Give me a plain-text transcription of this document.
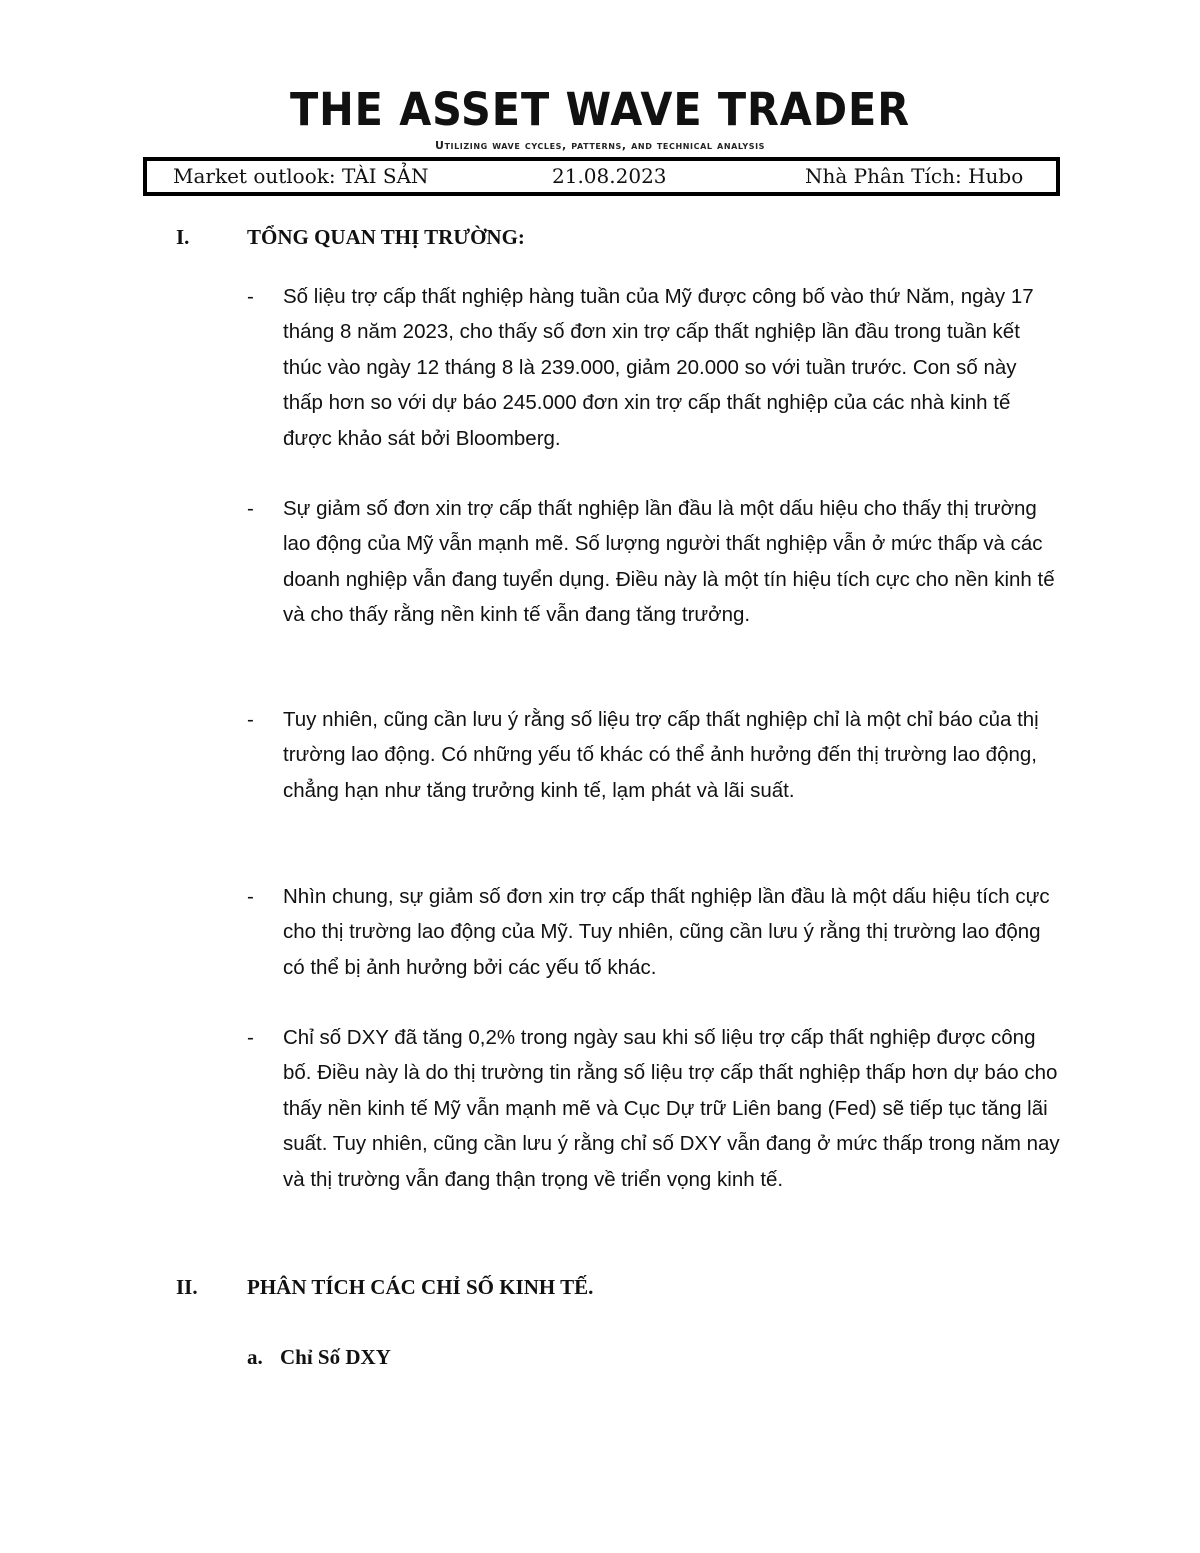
THE ASSET WAVE TRADER
Utilizing wave cycles, patterns, and technical analysis
Market outlook: TÀI SẢN	21.08.2023	Nhà Phân Tích: Hubo
I.	TỔNG QUAN THỊ TRƯỜNG:
- Số liệu trợ cấp thất nghiệp hàng tuần của Mỹ được công bố vào thứ Năm, ngày 17 tháng 8 năm 2023, cho thấy số đơn xin trợ cấp thất nghiệp lần đầu trong tuần kết thúc vào ngày 12 tháng 8 là 239.000, giảm 20.000 so với tuần trước. Con số này thấp hơn so với dự báo 245.000 đơn xin trợ cấp thất nghiệp của các nhà kinh tế được khảo sát bởi Bloomberg.
- Sự giảm số đơn xin trợ cấp thất nghiệp lần đầu là một dấu hiệu cho thấy thị trường lao động của Mỹ vẫn mạnh mẽ. Số lượng người thất nghiệp vẫn ở mức thấp và các doanh nghiệp vẫn đang tuyển dụng. Điều này là một tín hiệu tích cực cho nền kinh tế và cho thấy rằng nền kinh tế vẫn đang tăng trưởng.
- Tuy nhiên, cũng cần lưu ý rằng số liệu trợ cấp thất nghiệp chỉ là một chỉ báo của thị trường lao động. Có những yếu tố khác có thể ảnh hưởng đến thị trường lao động, chẳng hạn như tăng trưởng kinh tế, lạm phát và lãi suất.
- Nhìn chung, sự giảm số đơn xin trợ cấp thất nghiệp lần đầu là một dấu hiệu tích cực cho thị trường lao động của Mỹ. Tuy nhiên, cũng cần lưu ý rằng thị trường lao động có thể bị ảnh hưởng bởi các yếu tố khác.
- Chỉ số DXY đã tăng 0,2% trong ngày sau khi số liệu trợ cấp thất nghiệp được công bố. Điều này là do thị trường tin rằng số liệu trợ cấp thất nghiệp thấp hơn dự báo cho thấy nền kinh tế Mỹ vẫn mạnh mẽ và Cục Dự trữ Liên bang (Fed) sẽ tiếp tục tăng lãi suất. Tuy nhiên, cũng cần lưu ý rằng chỉ số DXY vẫn đang ở mức thấp trong năm nay và thị trường vẫn đang thận trọng về triển vọng kinh tế.
II. PHÂN TÍCH CÁC CHỈ SỐ KINH TẾ.
a. Chỉ Số DXY
